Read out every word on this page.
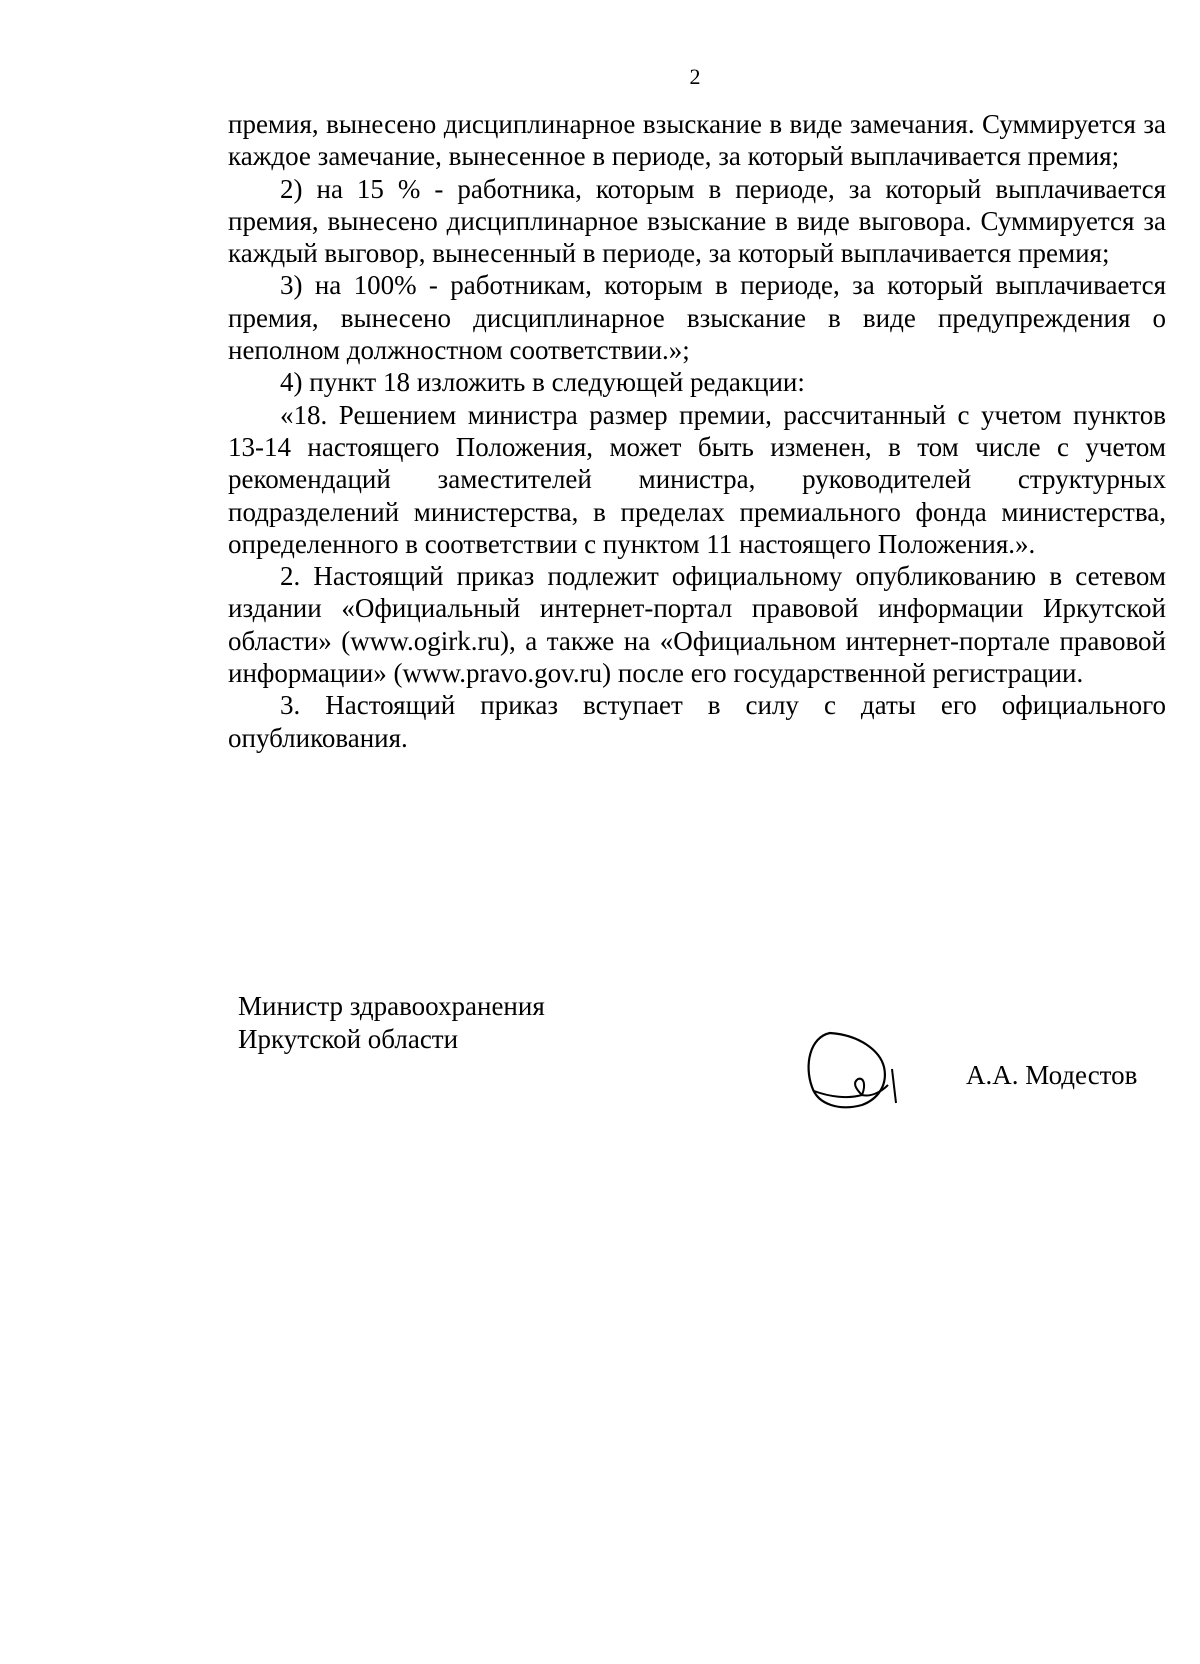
2

премия, вынесено дисциплинарное взыскание в виде замечания. Суммируется за каждое замечание, вынесенное в периоде, за который выплачивается премия;

2) на 15 % - работника, которым в периоде, за который выплачивается премия, вынесено дисциплинарное взыскание в виде выговора. Суммируется за каждый выговор, вынесенный в периоде, за который выплачивается премия;

3) на 100% - работникам, которым в периоде, за который выплачивается премия, вынесено дисциплинарное взыскание в виде предупреждения о неполном должностном соответствии.»;

4) пункт 18 изложить в следующей редакции:

«18. Решением министра размер премии, рассчитанный с учетом пунктов 13-14 настоящего Положения, может быть изменен, в том числе с учетом рекомендаций заместителей министра, руководителей структурных подразделений министерства, в пределах премиального фонда министерства, определенного в соответствии с пунктом 11 настоящего Положения.».

2. Настоящий приказ подлежит официальному опубликованию в сетевом издании «Официальный интернет-портал правовой информации Иркутской области» (www.ogirk.ru), а также на «Официальном интернет-портале правовой информации» (www.pravo.gov.ru) после его государственной регистрации.

3. Настоящий приказ вступает в силу с даты его официального опубликования.

Министр здравоохранения
Иркутской области
А.А. Модестов
